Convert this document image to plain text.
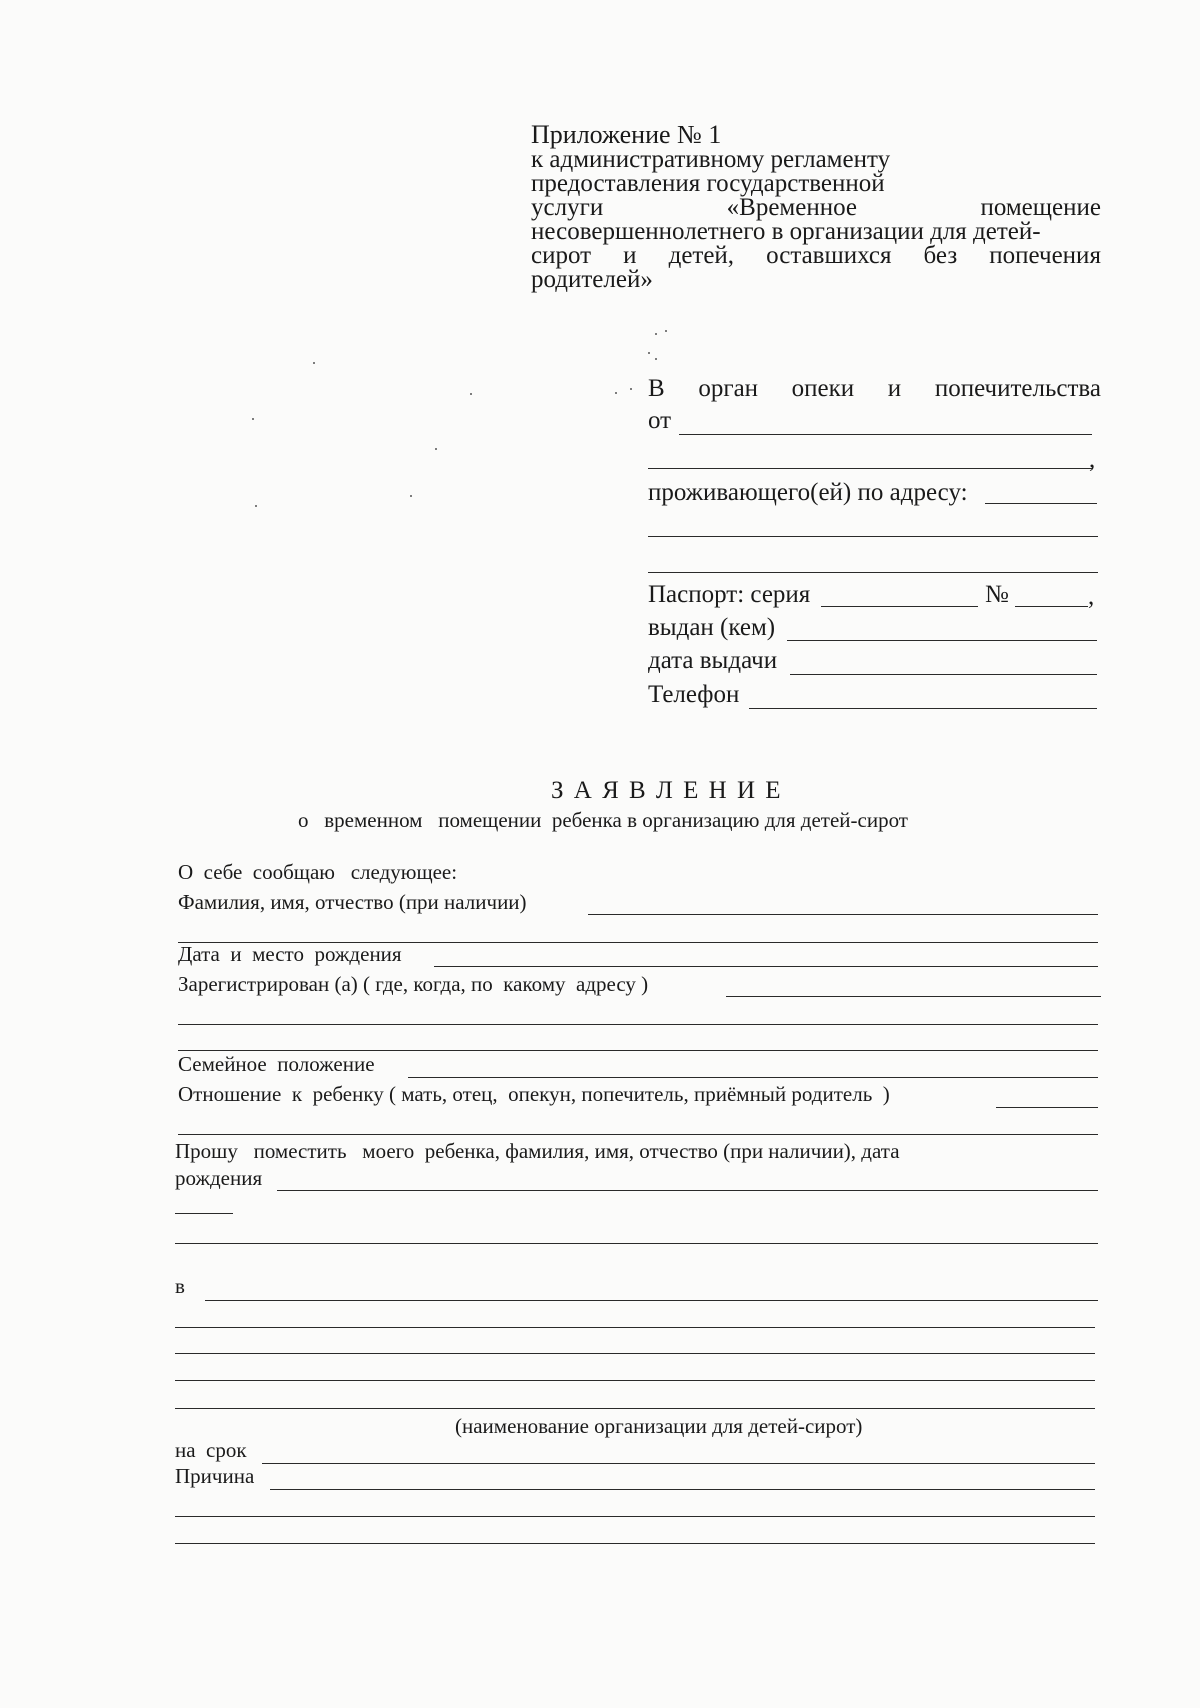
Приложение № 1
к административному регламенту
предоставления государственной
услуги	«Временное	помещение
несовершеннолетнего в организации для детей-
сирот и детей, оставшихся без попечения
родителей»
В орган опеки и попечительства
от
,
проживающего(ей) по адресу:
Паспорт: серия	№	,
выдан (кем)
дата выдачи
Телефон
З А Я В Л Е Н И Е
о   временном   помещении  ребенка в организацию для детей-сирот
О  себе  сообщаю   следующее:
Фамилия, имя, отчество (при наличии)
Дата  и  место  рождения
Зарегистрирован (а) ( где, когда, по  какому  адресу )
Семейное  положение
Отношение  к  ребенку ( мать, отец,  опекун, попечитель, приёмный родитель  )
Прошу   поместить   моего  ребенка, фамилия, имя, отчество (при наличии), дата
рождения
в
(наименование организации для детей-сирот)
на  срок
Причина
